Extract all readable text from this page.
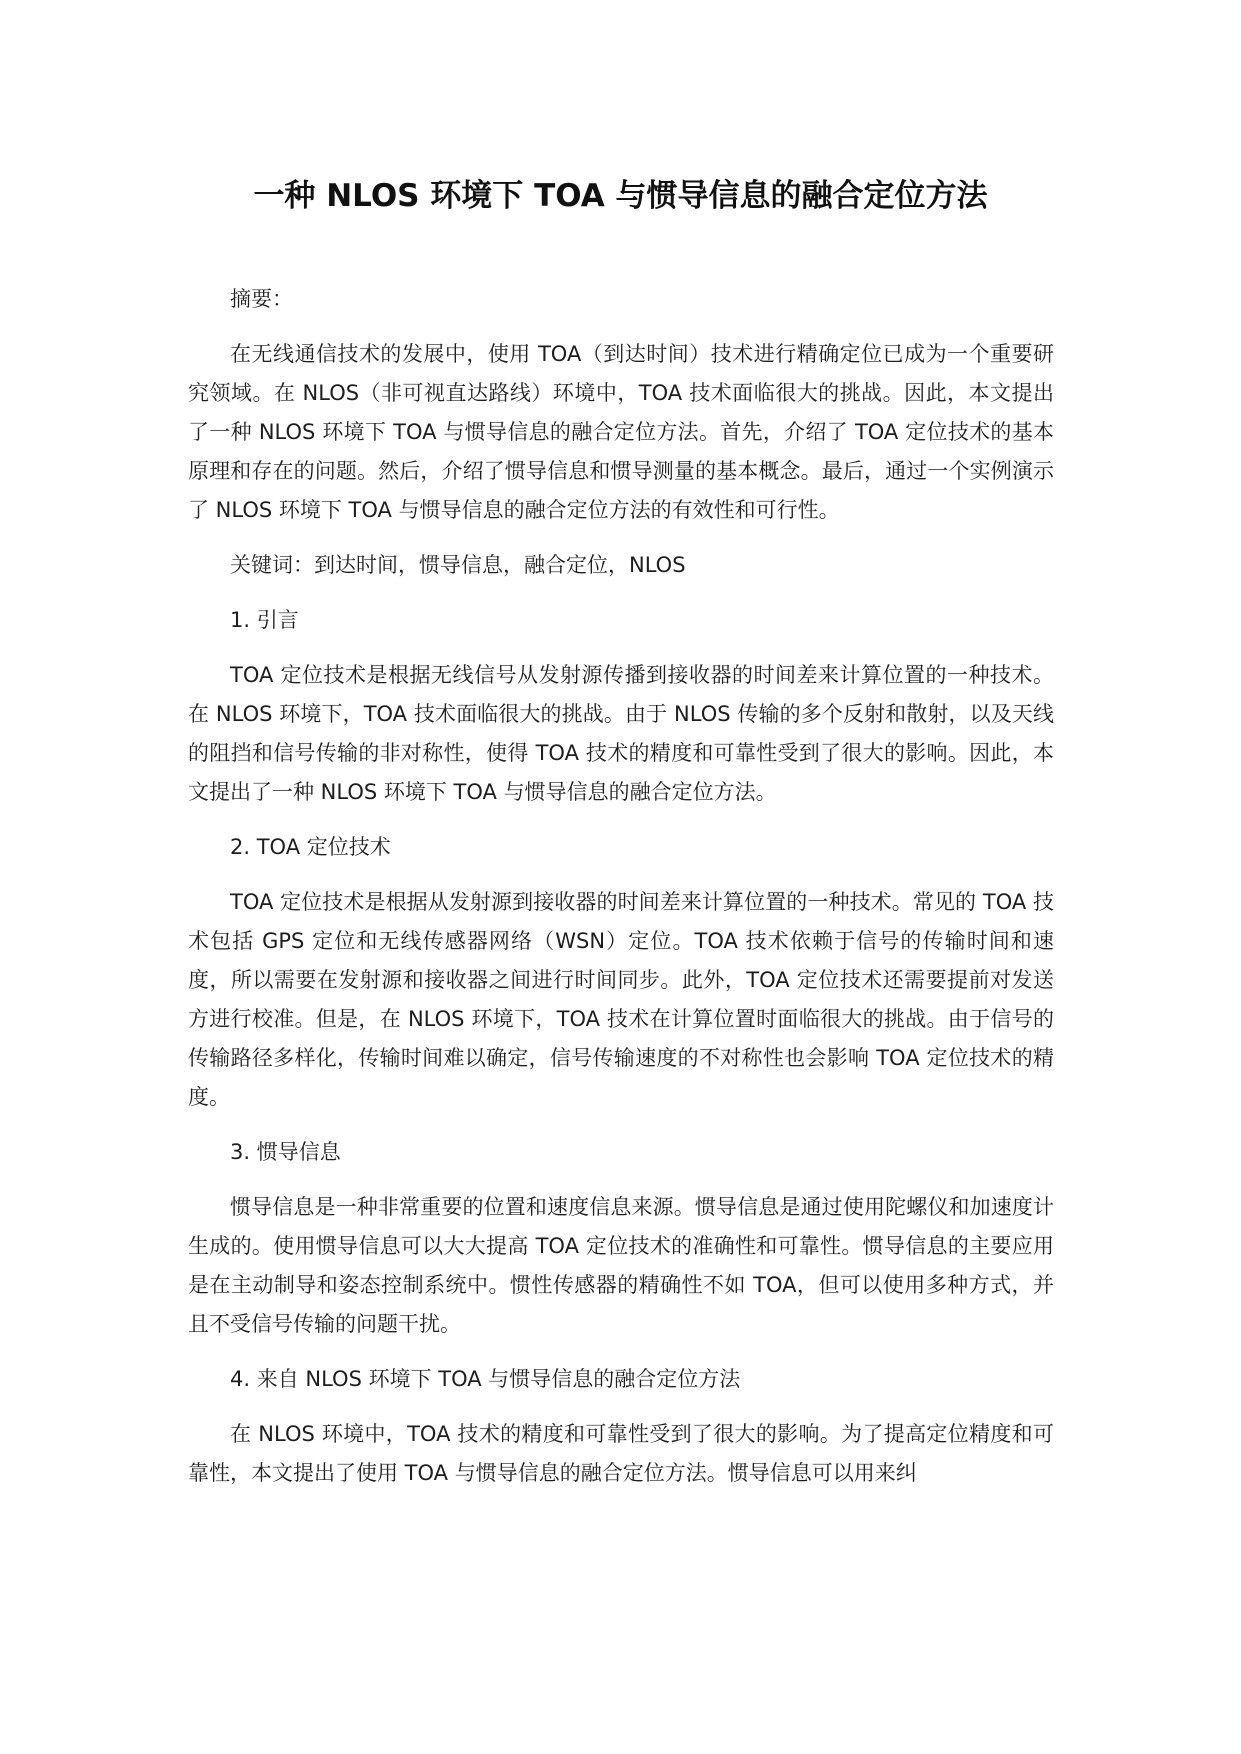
一种 NLOS 环境下 TOA 与惯导信息的融合定位方法

摘要：

在无线通信技术的发展中，使用 TOA（到达时间）技术进行精确定位已成为一个重要研究领域。在 NLOS（非可视直达路线）环境中，TOA 技术面临很大的挑战。因此，本文提出了一种 NLOS 环境下 TOA 与惯导信息的融合定位方法。首先，介绍了 TOA 定位技术的基本原理和存在的问题。然后，介绍了惯导信息和惯导测量的基本概念。最后，通过一个实例演示了 NLOS 环境下 TOA 与惯导信息的融合定位方法的有效性和可行性。

关键词：到达时间，惯导信息，融合定位，NLOS

1. 引言

TOA 定位技术是根据无线信号从发射源传播到接收器的时间差来计算位置的一种技术。 在 NLOS 环境下，TOA 技术面临很大的挑战。由于 NLOS 传输的多个反射和散射，以及天线的阻挡和信号传输的非对称性，使得 TOA 技术的精度和可靠性受到了很大的影响。因此，本文提出了一种 NLOS 环境下 TOA 与惯导信息的融合定位方法。

2. TOA 定位技术

TOA 定位技术是根据从发射源到接收器的时间差来计算位置的一种技术。常见的 TOA 技术包括 GPS 定位和无线传感器网络（WSN）定位。TOA 技术依赖于信号的传输时间和速度，所以需要在发射源和接收器之间进行时间同步。此外，TOA 定位技术还需要提前对发送方进行校准。但是，在 NLOS 环境下，TOA 技术在计算位置时面临很大的挑战。由于信号的传输路径多样化，传输时间难以确定，信号传输速度的不对称性也会影响 TOA 定位技术的精度。

3. 惯导信息

惯导信息是一种非常重要的位置和速度信息来源。惯导信息是通过使用陀螺仪和加速度计生成的。使用惯导信息可以大大提高 TOA 定位技术的准确性和可靠性。惯导信息的主要应用是在主动制导和姿态控制系统中。惯性传感器的精确性不如 TOA，但可以使用多种方式，并且不受信号传输的问题干扰。

4. 来自 NLOS 环境下 TOA 与惯导信息的融合定位方法

在 NLOS 环境中，TOA 技术的精度和可靠性受到了很大的影响。为了提高定位精度和可靠性，本文提出了使用 TOA 与惯导信息的融合定位方法。惯导信息可以用来纠
